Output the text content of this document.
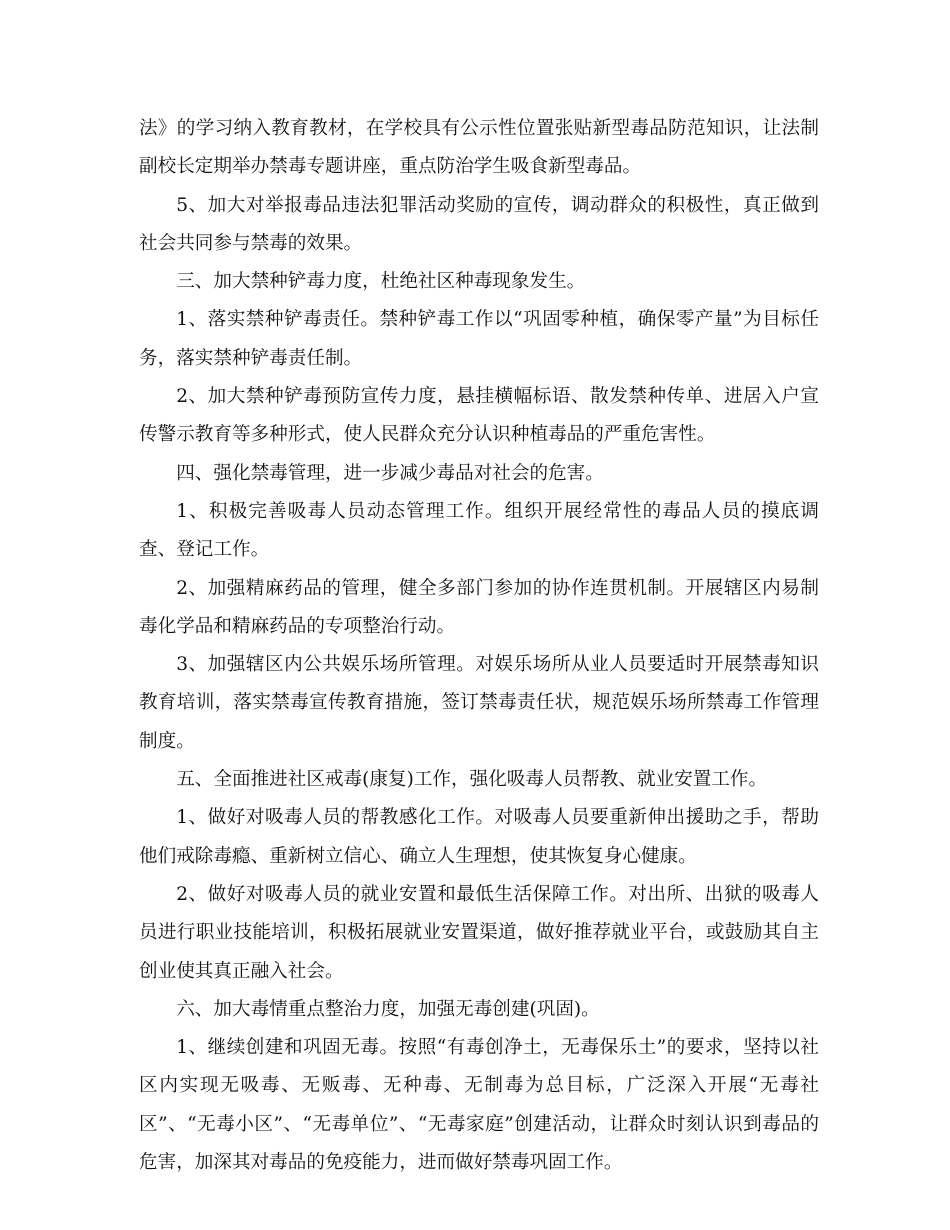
法》的学习纳入教育教材，在学校具有公示性位置张贴新型毒品防范知识，让法制副校长定期举办禁毒专题讲座，重点防治学生吸食新型毒品。

5、加大对举报毒品违法犯罪活动奖励的宣传，调动群众的积极性，真正做到社会共同参与禁毒的效果。

三、加大禁种铲毒力度，杜绝社区种毒现象发生。

1、落实禁种铲毒责任。禁种铲毒工作以“巩固零种植，确保零产量”为目标任务，落实禁种铲毒责任制。

2、加大禁种铲毒预防宣传力度，悬挂横幅标语、散发禁种传单、进居入户宣传警示教育等多种形式，使人民群众充分认识种植毒品的严重危害性。

四、强化禁毒管理，进一步减少毒品对社会的危害。

1、积极完善吸毒人员动态管理工作。组织开展经常性的毒品人员的摸底调查、登记工作。

2、加强精麻药品的管理，健全多部门参加的协作连贯机制。开展辖区内易制毒化学品和精麻药品的专项整治行动。

3、加强辖区内公共娱乐场所管理。对娱乐场所从业人员要适时开展禁毒知识教育培训，落实禁毒宣传教育措施，签订禁毒责任状，规范娱乐场所禁毒工作管理制度。

五、全面推进社区戒毒(康复)工作，强化吸毒人员帮教、就业安置工作。

1、做好对吸毒人员的帮教感化工作。对吸毒人员要重新伸出援助之手，帮助他们戒除毒瘾、重新树立信心、确立人生理想，使其恢复身心健康。

2、做好对吸毒人员的就业安置和最低生活保障工作。对出所、出狱的吸毒人员进行职业技能培训，积极拓展就业安置渠道，做好推荐就业平台，或鼓励其自主创业使其真正融入社会。

六、加大毒情重点整治力度，加强无毒创建(巩固)。

1、继续创建和巩固无毒。按照“有毒创净土，无毒保乐土”的要求，坚持以社区内实现无吸毒、无贩毒、无种毒、无制毒为总目标，广泛深入开展“无毒社区”、“无毒小区”、“无毒单位”、“无毒家庭”创建活动，让群众时刻认识到毒品的危害，加深其对毒品的免疫能力，进而做好禁毒巩固工作。
